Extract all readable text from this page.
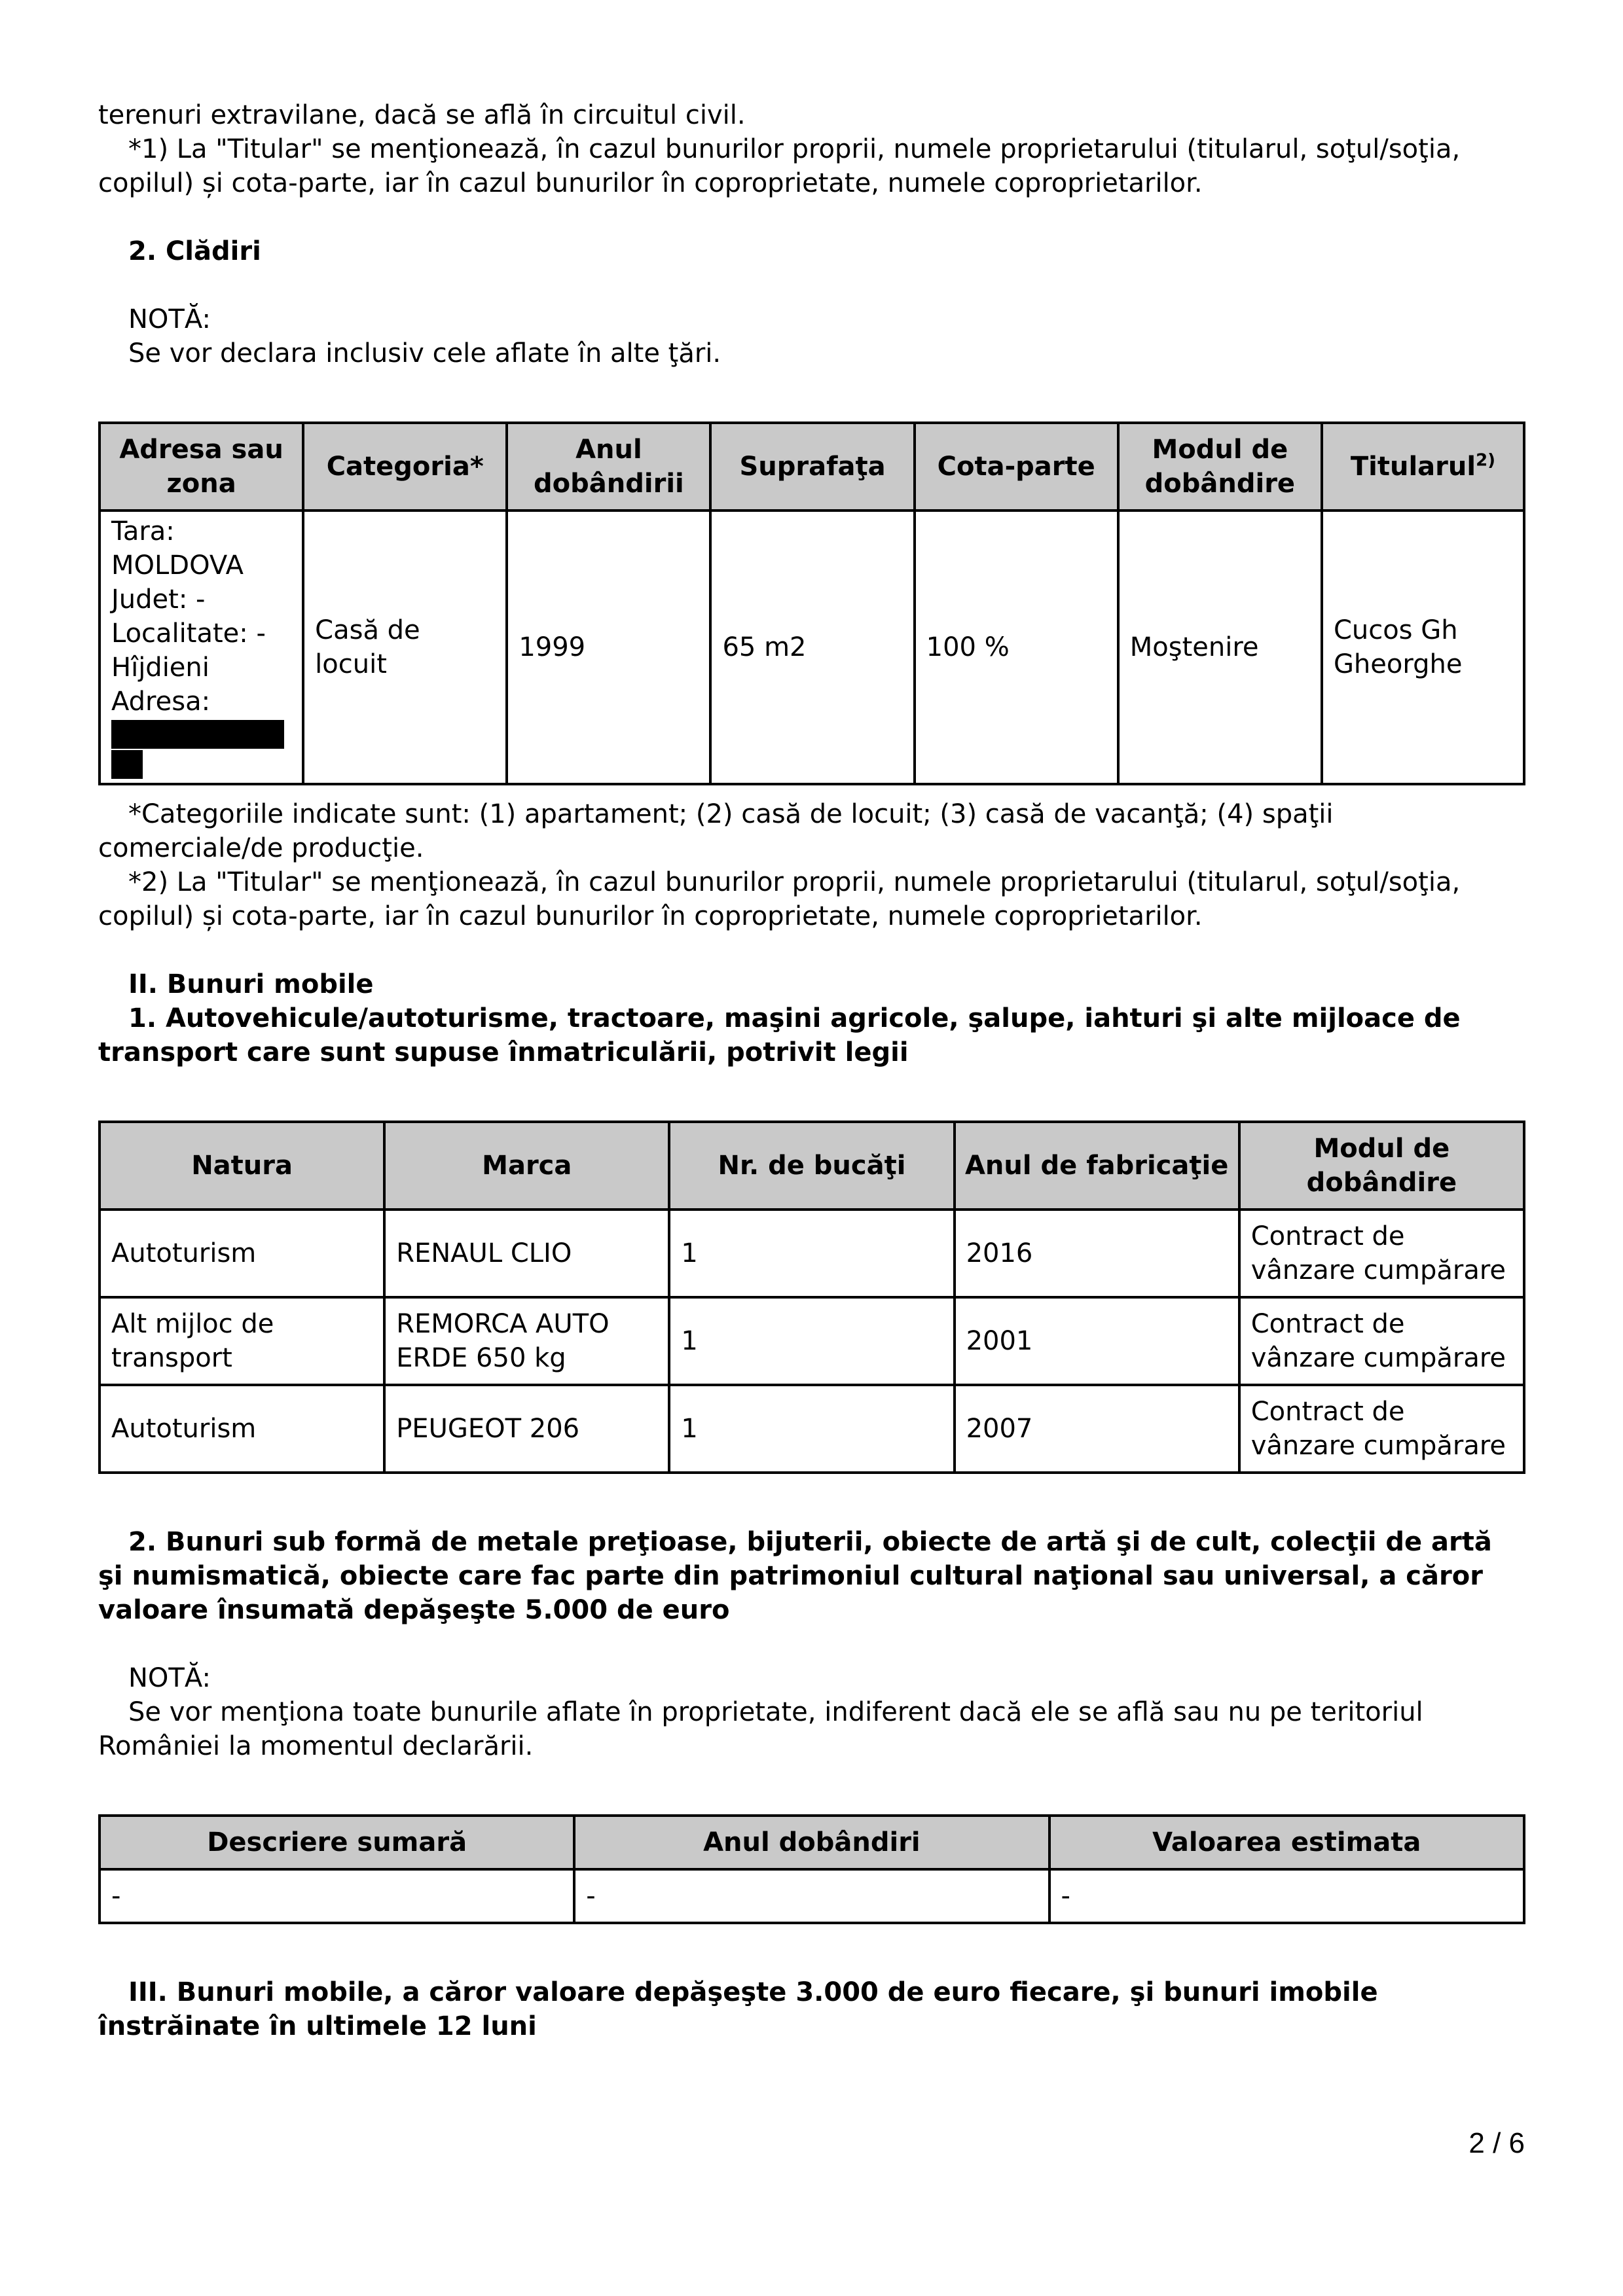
terenuri extravilane, dacă se află în circuitul civil.

*1) La "Titular" se menţionează, în cazul bunurilor proprii, numele proprietarului (titularul, soţul/soţia, copilul) și cota-parte, iar în cazul bunurilor în coproprietate, numele coproprietarilor.

2. Clădiri

NOTĂ:

Se vor declara inclusiv cele aflate în alte ţări.

Adresa sau zona	Categoria*	Anul dobândirii	Suprafaţa	Cota-parte	Modul de dobândire	Titularul$^{2)}$

Tara: MOLDOVA
Judet: -
Localitate: - Hîjdieni
Adresa:	Casă de locuit	1999	65 m2	100 %	Moştenire	Cucos Gh Gheorghe

*Categoriile indicate sunt: (1) apartament; (2) casă de locuit; (3) casă de vacanţă; (4) spaţii comerciale/de producţie.

*2) La "Titular" se menţionează, în cazul bunurilor proprii, numele proprietarului (titularul, soţul/soţia, copilul) și cota-parte, iar în cazul bunurilor în coproprietate, numele coproprietarilor.

II. Bunuri mobile

1. Autovehicule/autoturisme, tractoare, maşini agricole, şalupe, iahturi şi alte mijloace de transport care sunt supuse înmatriculării, potrivit legii

Natura	Marca	Nr. de bucăţi	Anul de fabricaţie	Modul de dobândire
Autoturism	RENAUL CLIO	1	2016	Contract de vânzare cumpărare
Alt mijloc de transport	REMORCA AUTO ERDE 650 kg	1	2001	Contract de vânzare cumpărare
Autoturism	PEUGEOT 206	1	2007	Contract de vânzare cumpărare

2. Bunuri sub formă de metale preţioase, bijuterii, obiecte de artă şi de cult, colecţii de artă şi numismatică, obiecte care fac parte din patrimoniul cultural naţional sau universal, a căror valoare însumată depăşeşte 5.000 de euro

NOTĂ:

Se vor menţiona toate bunurile aflate în proprietate, indiferent dacă ele se află sau nu pe teritoriul României la momentul declarării.

Descriere sumară	Anul dobândiri	Valoarea estimata
-	-	-

III. Bunuri mobile, a căror valoare depăşeşte 3.000 de euro fiecare, şi bunuri imobile înstrăinate în ultimele 12 luni

2 / 6
